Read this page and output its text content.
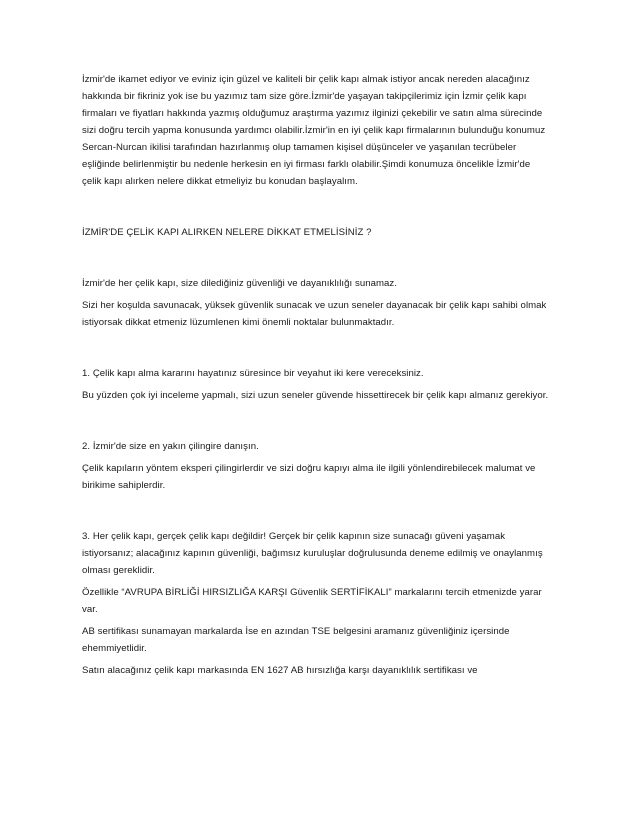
İzmir'de ikamet ediyor ve eviniz için güzel ve kaliteli bir çelik kapı almak istiyor ancak nereden alacağınız hakkında bir fikriniz yok ise bu yazımız tam size göre.İzmir'de yaşayan takipçilerimiz için İzmir çelik kapı firmaları ve fiyatları hakkında yazmış olduğumuz araştırma yazımız ilginizi çekebilir ve satın alma sürecinde sizi doğru tercih yapma konusunda yardımcı olabilir.İzmir'in en iyi çelik kapı firmalarının bulunduğu konumuz Sercan-Nurcan ikilisi tarafından hazırlanmış olup tamamen kişisel düşünceler ve yaşanılan tecrübeler eşliğinde belirlenmiştir bu nedenle herkesin en iyi firması farklı olabilir.Şimdi konumuza öncelikle İzmir'de çelik kapı alırken nelere dikkat etmeliyiz bu konudan başlayalım.

İZMİR'DE ÇELİK KAPI ALIRKEN NELERE DİKKAT ETMELİSİNİZ ?

İzmir'de her çelik kapı, size dilediğiniz güvenliği ve dayanıklılığı sunamaz.

Sizi her koşulda savunacak, yüksek güvenlik sunacak ve uzun seneler dayanacak bir çelik kapı sahibi olmak istiyorsak dikkat etmeniz lüzumlenen kimi önemli noktalar bulunmaktadır.

1. Çelik kapı alma kararını hayatınız süresince bir veyahut iki kere vereceksiniz.

Bu yüzden çok iyi inceleme yapmalı, sizi uzun seneler güvende hissettirecek bir çelik kapı almanız gerekiyor.

2. İzmir'de size en yakın çilingire danışın.

Çelik kapıların yöntem eksperi çilingirlerdir ve sizi doğru kapıyı alma ile ilgili yönlendirebilecek malumat ve birikime sahiplerdir.

3. Her çelik kapı, gerçek çelik kapı değildir! Gerçek bir çelik kapının size sunacağı güveni yaşamak istiyorsanız; alacağınız kapının güvenliği, bağımsız kuruluşlar doğrulusunda deneme edilmiş ve onaylanmış olması gereklidir.

Özellikle “AVRUPA BİRLİĞİ HIRSIZLIĞA KARŞI Güvenlik SERTİFİKALI” markalarını tercih etmenizde yarar var.

AB sertifikası sunamayan markalarda İse en azından TSE belgesini aramanız güvenliğiniz içersinde ehemmiyetlidir.

Satın alacağınız çelik kapı markasında EN 1627 AB hırsızlığa karşı dayanıklılık sertifikası ve
